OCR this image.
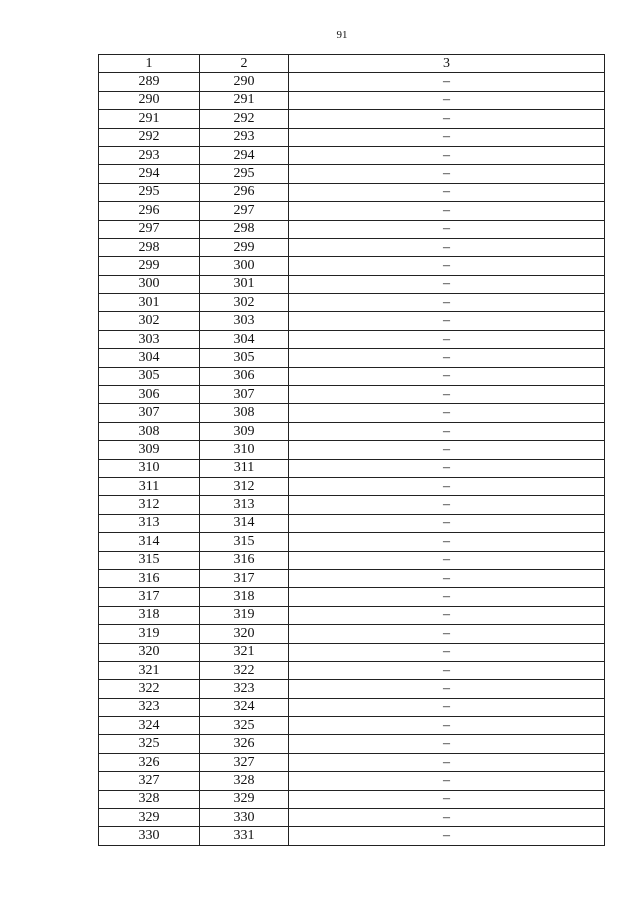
91
1	2	3
289	290	–
290	291	–
291	292	–
292	293	–
293	294	–
294	295	–
295	296	–
296	297	–
297	298	–
298	299	–
299	300	–
300	301	–
301	302	–
302	303	–
303	304	–
304	305	–
305	306	–
306	307	–
307	308	–
308	309	–
309	310	–
310	311	–
311	312	–
312	313	–
313	314	–
314	315	–
315	316	–
316	317	–
317	318	–
318	319	–
319	320	–
320	321	–
321	322	–
322	323	–
323	324	–
324	325	–
325	326	–
326	327	–
327	328	–
328	329	–
329	330	–
330	331	–
